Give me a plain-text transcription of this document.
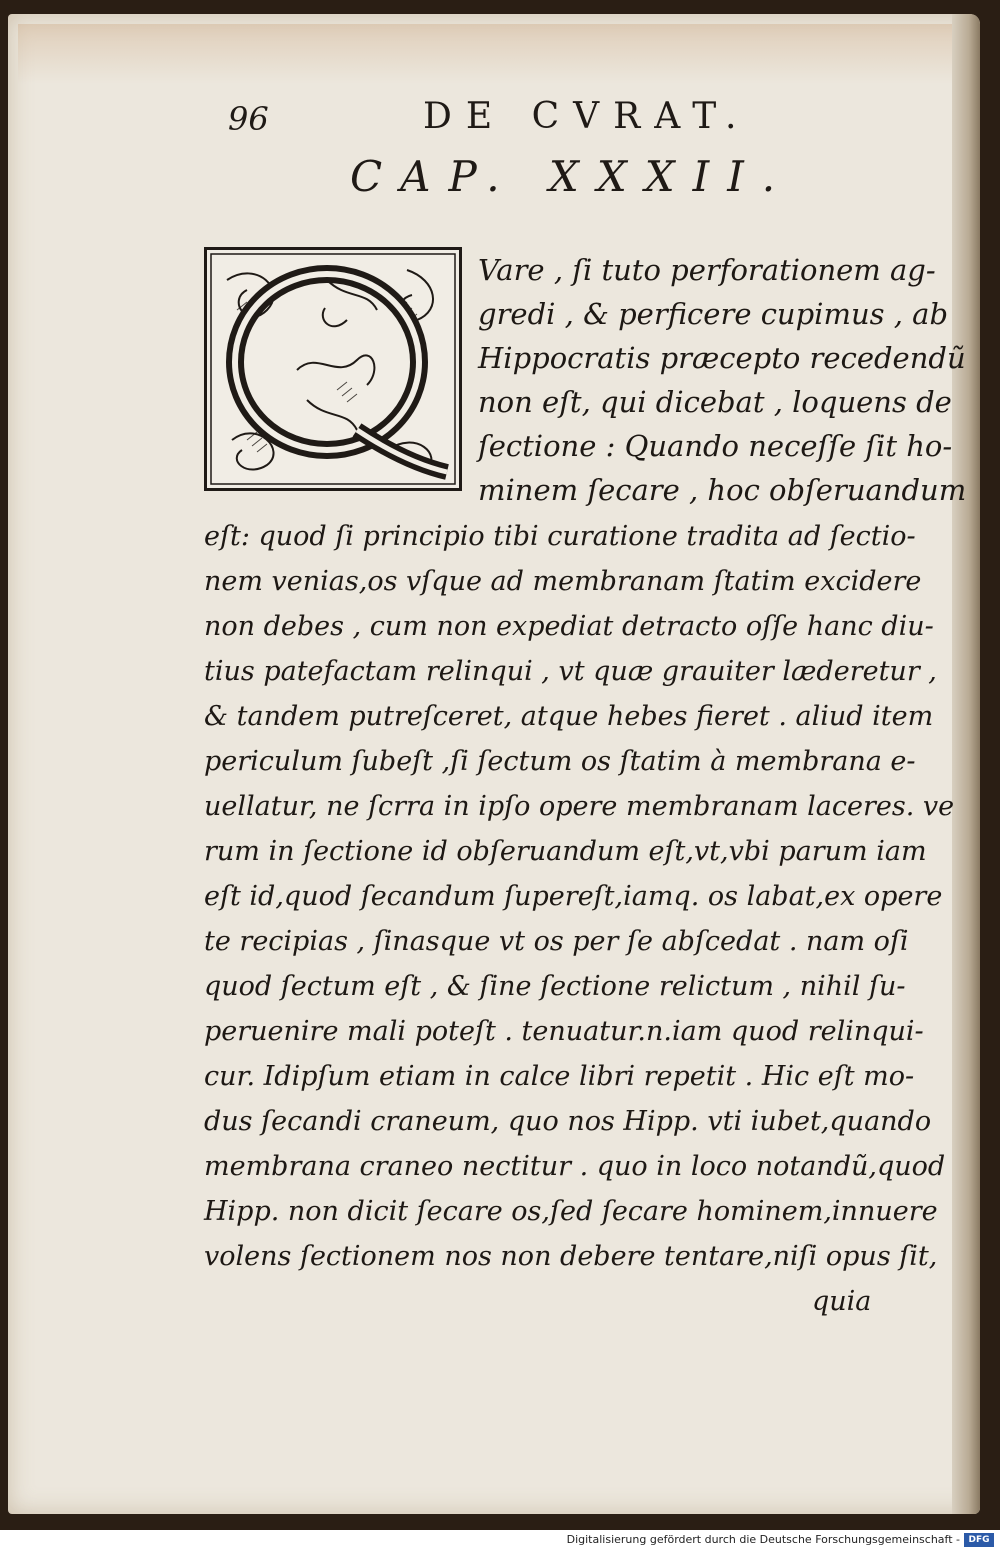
96	DE CVRAT.
CAP. XXXII.
Vare , ſi tuto perforationem ag-
gredi , & perficere cupimus , ab
Hippocratis præcepto recedendũ
non eſt, qui dicebat , loquens de
ſectione : Quando neceſſe ſit ho-
minem ſecare , hoc obſeruandum
eſt: quod ſi principio tibi curatione tradita ad ſectio-
nem venias,os vſque ad membranam ſtatim excidere
non debes , cum non expediat detracto oſſe hanc diu-
tius patefactam relinqui , vt quæ grauiter læderetur ,
& tandem putreſceret, atque hebes fieret . aliud item
periculum ſubeſt ,ſi ſectum os ſtatim à membrana e-
uellatur, ne ſcrra in ipſo opere membranam laceres. ve
rum in ſectione id obſeruandum eſt,vt,vbi parum iam
eſt id,quod ſecandum ſupereſt,iamq. os labat,ex opere
te recipias , ſinasque vt os per ſe abſcedat . nam oſi
quod ſectum eſt , & ſine ſectione relictum , nihil ſu-
peruenire mali poteſt . tenuatur.n.iam quod relinqui-
cur. Idipſum etiam in calce libri repetit . Hic eſt mo-
dus ſecandi craneum, quo nos Hipp. vti iubet,quando
membrana craneo nectitur . quo in loco notandũ,quod
Hipp. non dicit ſecare os,ſed ſecare hominem,innuere
volens ſectionem nos non debere tentare,niſi opus ſit,
quia
Digitalisierung gefördert durch die Deutsche Forschungsgemeinschaft - DFG
